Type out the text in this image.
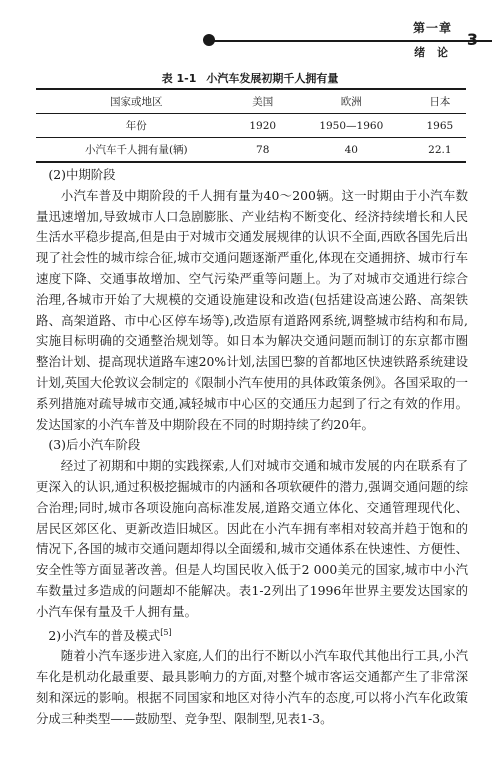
第一章
绪 论
3
表 1-1 小汽车发展初期千人拥有量
国家或地区	美国	欧洲	日本
年份	1920	1950—1960	1965
小汽车千人拥有量(辆)	78	40	22.1

(2)中期阶段

小汽车普及中期阶段的千人拥有量为40～200辆。这一时期由于小汽车数量迅速增加,导致城市人口急剧膨胀、产业结构不断变化、经济持续增长和人民生活水平稳步提高,但是由于对城市交通发展规律的认识不全面,西欧各国先后出现了社会性的城市综合征,城市交通问题逐渐严重化,体现在交通拥挤、城市行车速度下降、交通事故增加、空气污染严重等问题上。为了对城市交通进行综合治理,各城市开始了大规模的交通设施建设和改造(包括建设高速公路、高架铁路、高架道路、市中心区停车场等),改造原有道路网系统,调整城市结构和布局,实施目标明确的交通整治规划等。如日本为解决交通问题而制订的东京都市圈整治计划、提高现状道路车速20%计划,法国巴黎的首都地区快速铁路系统建设计划,英国大伦敦议会制定的《限制小汽车使用的具体政策条例》。各国采取的一系列措施对疏导城市交通,减轻城市中心区的交通压力起到了行之有效的作用。发达国家的小汽车普及中期阶段在不同的时期持续了约20年。

(3)后小汽车阶段

经过了初期和中期的实践探索,人们对城市交通和城市发展的内在联系有了更深入的认识,通过积极挖掘城市的内涵和各项软硬件的潜力,强调交通问题的综合治理;同时,城市各项设施向高标准发展,道路交通立体化、交通管理现代化、居民区郊区化、更新改造旧城区。因此在小汽车拥有率相对较高并趋于饱和的情况下,各国的城市交通问题却得以全面缓和,城市交通体系在快速性、方便性、安全性等方面显著改善。但是人均国民收入低于2 000美元的国家,城市中小汽车数量过多造成的问题却不能解决。表1-2列出了1996年世界主要发达国家的小汽车保有量及千人拥有量。

2)小汽车的普及模式[5]

随着小汽车逐步进入家庭,人们的出行不断以小汽车取代其他出行工具,小汽车化是机动化最重要、最具影响力的方面,对整个城市客运交通都产生了非常深刻和深远的影响。根据不同国家和地区对待小汽车的态度,可以将小汽车化政策分成三种类型——鼓励型、竞争型、限制型,见表1-3。
